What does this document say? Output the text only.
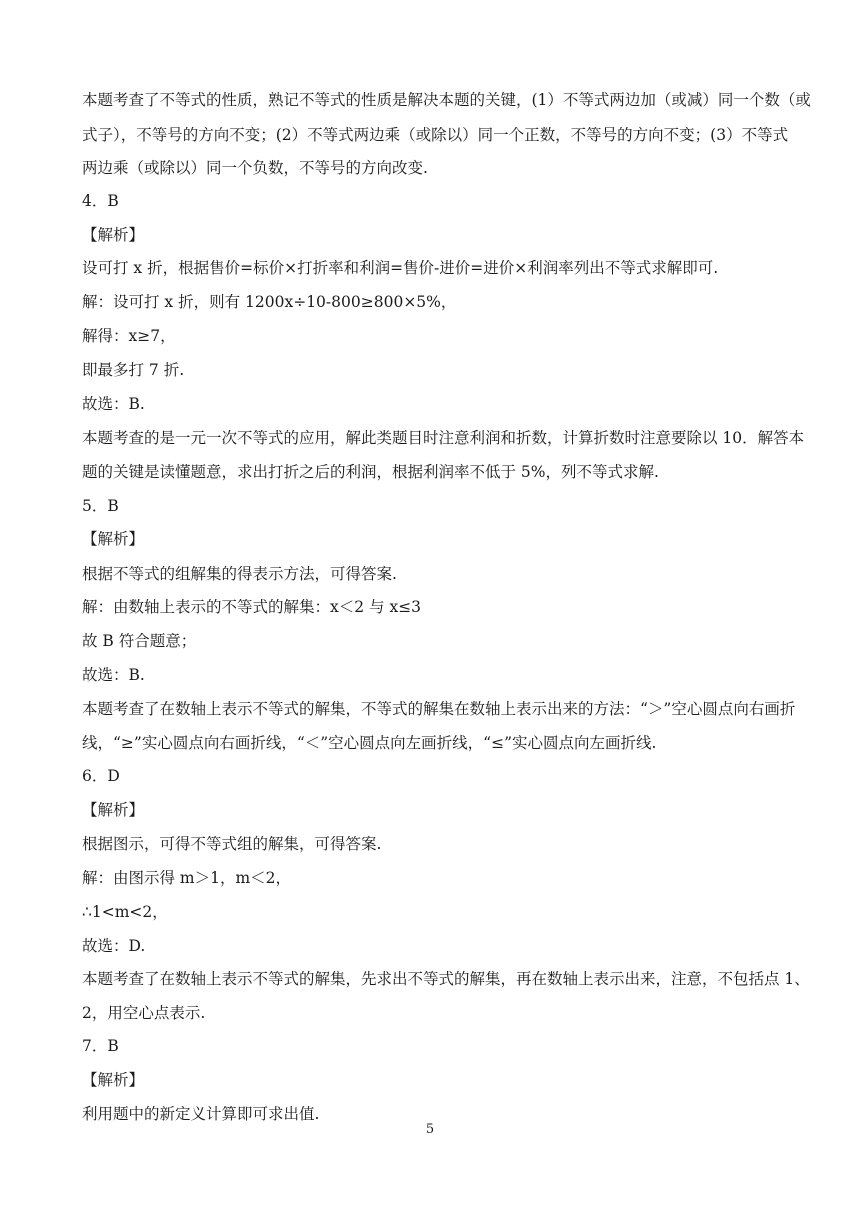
本题考查了不等式的性质，熟记不等式的性质是解决本题的关键，(1）不等式两边加（或减）同一个数（或
式子），不等号的方向不变；(2）不等式两边乘（或除以）同一个正数，不等号的方向不变；(3）不等式
两边乘（或除以）同一个负数，不等号的方向改变.
4．B
【解析】
设可打 x 折，根据售价=标价×打折率和利润=售价-进价=进价×利润率列出不等式求解即可.
解：设可打 x 折，则有 1200x÷10-800≥800×5%，
解得：x≥7，
即最多打 7 折.
故选：B.
本题考查的是一元一次不等式的应用，解此类题目时注意利润和折数，计算折数时注意要除以 10．解答本
题的关键是读懂题意，求出打折之后的利润，根据利润率不低于 5%，列不等式求解.
5．B
【解析】
根据不等式的组解集的得表示方法，可得答案.
解：由数轴上表示的不等式的解集：x＜2 与 x≤3
故 B 符合题意；
故选：B.
本题考查了在数轴上表示不等式的解集，不等式的解集在数轴上表示出来的方法：“＞”空心圆点向右画折
线，“≥”实心圆点向右画折线，“＜”空心圆点向左画折线，“≤”实心圆点向左画折线.
6．D
【解析】
根据图示，可得不等式组的解集，可得答案.
解：由图示得 m＞1，m＜2，
∴1<m<2，
故选：D.
本题考查了在数轴上表示不等式的解集，先求出不等式的解集，再在数轴上表示出来，注意，不包括点 1、
2，用空心点表示.
7．B
【解析】
利用题中的新定义计算即可求出值.
5
